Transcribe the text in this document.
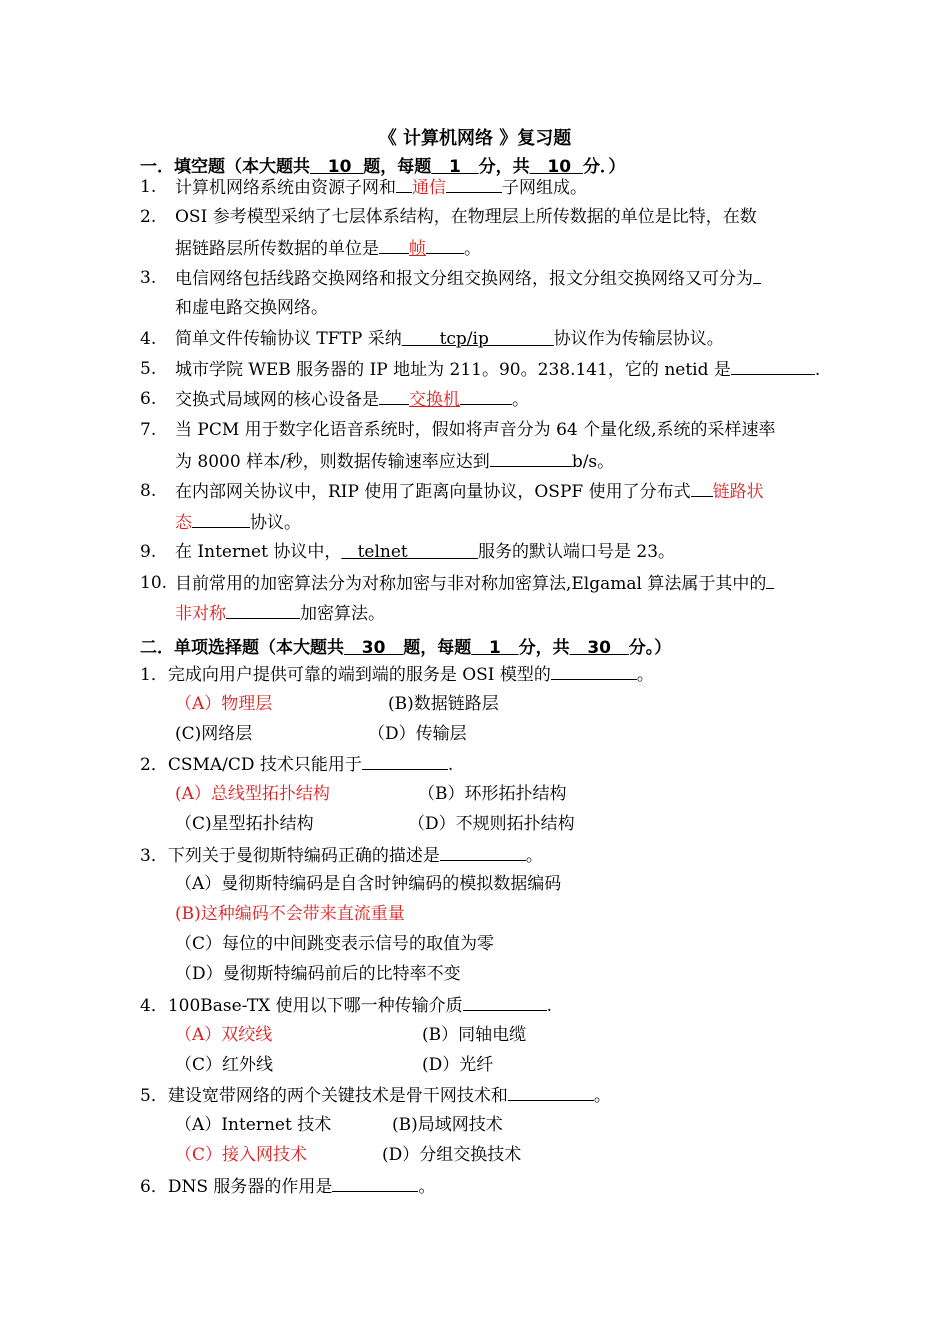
《 计算机网络 》复习题
一．填空题（本大题共 10 题，每题 1 分，共 10 分．）
1. 计算机网络系统由资源子网和 通信	子网组成。
2. OSI 参考模型采纳了七层体系结构，在物理层上所传数据的单位是比特，在数
据链路层所传数据的单位是 帧 。
3. 电信网络包括线路交换网络和报文分组交换网络，报文分组交换网络又可分为
和虚电路交换网络。
4. 简单文件传输协议 TFTP 采纳 tcp/ip	协议作为传输层协议。
5. 城市学院 WEB 服务器的 IP 地址为 211。90。238.141，它的 netid 是	.
6. 交换式局域网的核心设备是 交换机	。
7. 当 PCM 用于数字化语音系统时，假如将声音分为 64 个量化级,系统的采样速率
为 8000 样本/秒，则数据传输速率应达到	b/s。
8. 在内部网关协议中，RIP 使用了距离向量协议，OSPF 使用了分布式 链路状
态	协议。
9. 在 Internet 协议中， telnet	服务的默认端口号是 23。
10. 目前常用的加密算法分为对称加密与非对称加密算法,Elgamal 算法属于其中的
非对称	加密算法。
二．单项选择题（本大题共 30 题，每题 1 分，共 30 分。）
1．完成向用户提供可靠的端到端的服务是 OSI 模型的	。
（A）物理层	(B)数据链路层
(C)网络层	（D）传输层
2．CSMA/CD 技术只能用于	.
(A）总线型拓扑结构	（B）环形拓扑结构
（C)星型拓扑结构	（D）不规则拓扑结构
3．下列关于曼彻斯特编码正确的描述是	。
（A）曼彻斯特编码是自含时钟编码的模拟数据编码
(B)这种编码不会带来直流重量
（C）每位的中间跳变表示信号的取值为零
（D）曼彻斯特编码前后的比特率不变
4．100Base-TX 使用以下哪一种传输介质	.
（A）双绞线	(B）同轴电缆
（C）红外线	(D）光纤
5．建设宽带网络的两个关键技术是骨干网技术和	。
（A）Internet 技术	(B)局域网技术
（C）接入网技术	(D）分组交换技术
6．DNS 服务器的作用是	。
